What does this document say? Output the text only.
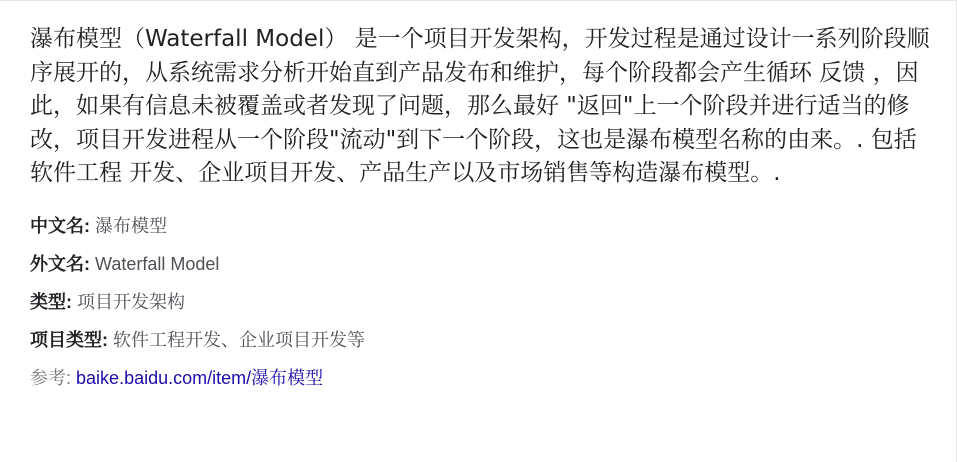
瀑布模型（Waterfall Model） 是一个项目开发架构，开发过程是通过设计一系列阶段顺序展开的，从系统需求分析开始直到产品发布和维护，每个阶段都会产生循环 反馈 ，因此，如果有信息未被覆盖或者发现了问题，那么最好 "返回"上一个阶段并进行适当的修改，项目开发进程从一个阶段"流动"到下一个阶段，这也是瀑布模型名称的由来。. 包括 软件工程 开发、企业项目开发、产品生产以及市场销售等构造瀑布模型。.

中文名: 瀑布模型
外文名: Waterfall Model
类型: 项目开发架构
项目类型: 软件工程开发、企业项目开发等
参考: baike.baidu.com/item/瀑布模型
